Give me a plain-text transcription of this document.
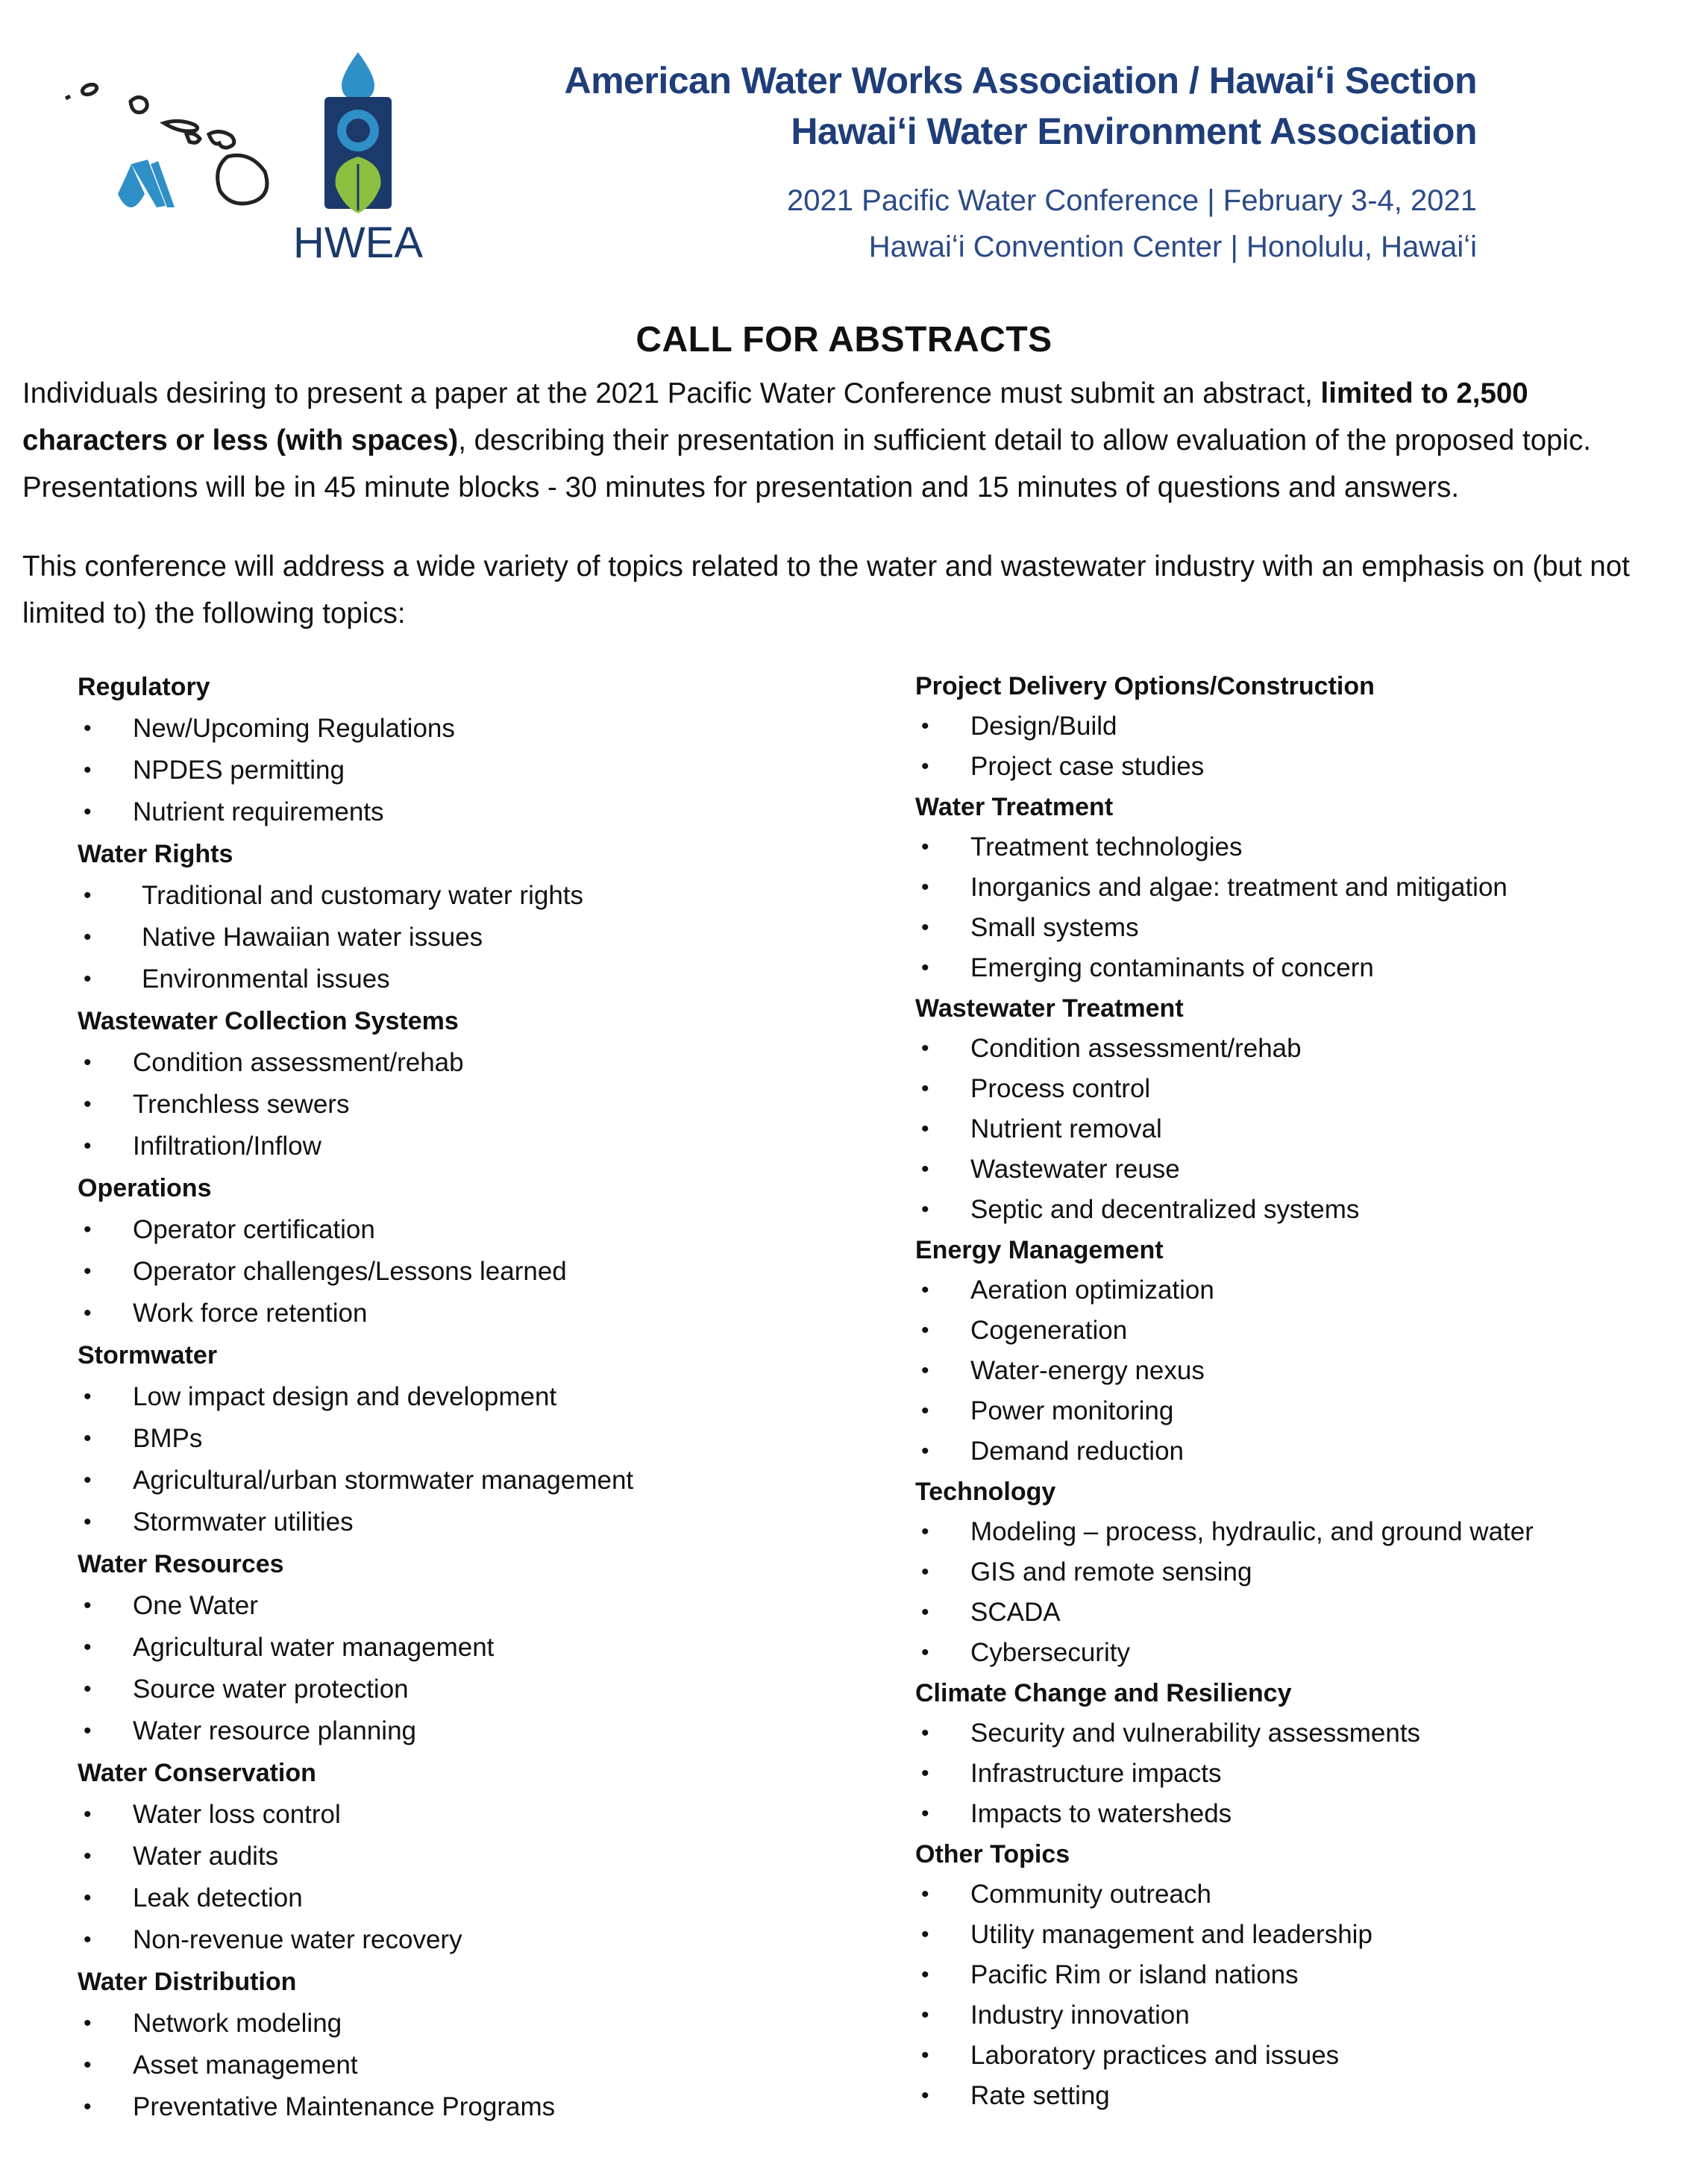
HWEA
American Water Works Association / Hawaiʻi Section
Hawaiʻi Water Environment Association
2021 Pacific Water Conference | February 3-4, 2021
Hawaiʻi Convention Center | Honolulu, Hawaiʻi
CALL FOR ABSTRACTS
Individuals desiring to present a paper at the 2021 Pacific Water Conference must submit an abstract, limited to 2,500 characters or less (with spaces), describing their presentation in sufficient detail to allow evaluation of the proposed topic. Presentations will be in 45 minute blocks - 30 minutes for presentation and 15 minutes of questions and answers.
This conference will address a wide variety of topics related to the water and wastewater industry with an emphasis on (but not limited to) the following topics:
Regulatory
• New/Upcoming Regulations
• NPDES permitting
• Nutrient requirements
Water Rights
• Traditional and customary water rights
• Native Hawaiian water issues
• Environmental issues
Wastewater Collection Systems
• Condition assessment/rehab
• Trenchless sewers
• Infiltration/Inflow
Operations
• Operator certification
• Operator challenges/Lessons learned
• Work force retention
Stormwater
• Low impact design and development
• BMPs
• Agricultural/urban stormwater management
• Stormwater utilities
Water Resources
• One Water
• Agricultural water management
• Source water protection
• Water resource planning
Water Conservation
• Water loss control
• Water audits
• Leak detection
• Non-revenue water recovery
Water Distribution
• Network modeling
• Asset management
• Preventative Maintenance Programs
Project Delivery Options/Construction
• Design/Build
• Project case studies
Water Treatment
• Treatment technologies
• Inorganics and algae: treatment and mitigation
• Small systems
• Emerging contaminants of concern
Wastewater Treatment
• Condition assessment/rehab
• Process control
• Nutrient removal
• Wastewater reuse
• Septic and decentralized systems
Energy Management
• Aeration optimization
• Cogeneration
• Water-energy nexus
• Power monitoring
• Demand reduction
Technology
• Modeling – process, hydraulic, and ground water
• GIS and remote sensing
• SCADA
• Cybersecurity
Climate Change and Resiliency
• Security and vulnerability assessments
• Infrastructure impacts
• Impacts to watersheds
Other Topics
• Community outreach
• Utility management and leadership
• Pacific Rim or island nations
• Industry innovation
• Laboratory practices and issues
• Rate setting
